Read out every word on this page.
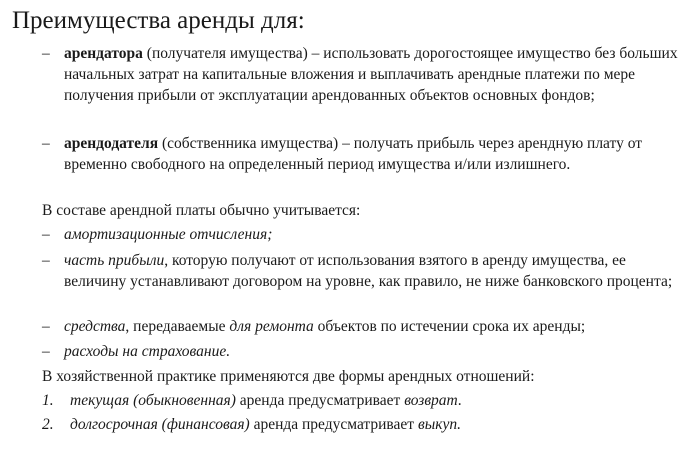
Преимущества аренды для:
– арендатора (получателя имущества) – использовать дорогостоящее имущество без больших начальных затрат на капитальные вложения и выплачивать арендные платежи по мере получения прибыли от эксплуатации арендованных объектов основных фондов;
– арендодателя (собственника имущества) – получать прибыль через арендную плату от временно свободного на определенный период имущества и/или излишнего.
В составе арендной платы обычно учитывается:
– амортизационные отчисления;
– часть прибыли, которую получают от использования взятого в аренду имущества, ее величину устанавливают договором на уровне, как правило, не ниже банковского процента;
– средства, передаваемые для ремонта объектов по истечении срока их аренды;
– расходы на страхование.
В хозяйственной практике применяются две формы арендных отношений:
1. текущая (обыкновенная) аренда предусматривает возврат.
2. долгосрочная (финансовая) аренда предусматривает выкуп.
